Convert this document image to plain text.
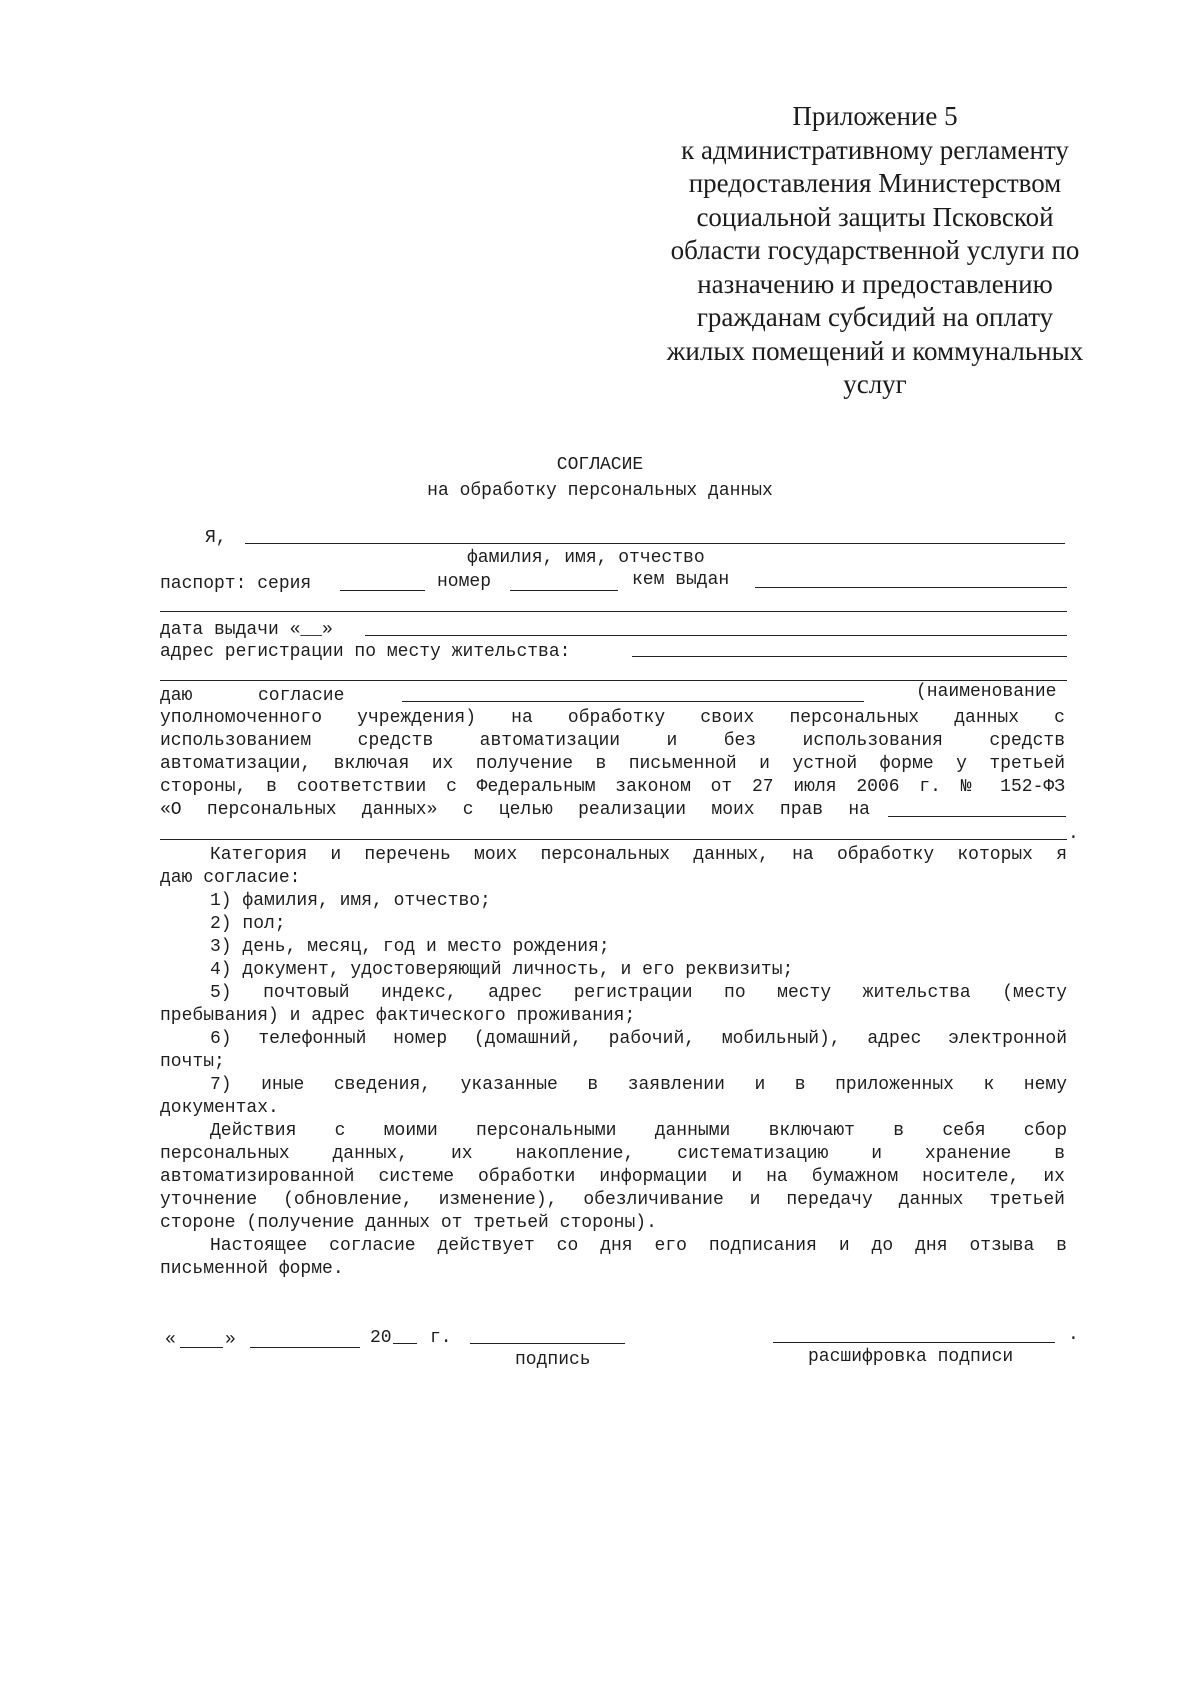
Приложение 5
к административному регламенту
предоставления Министерством
социальной защиты Псковской
области государственной услуги по
назначению и предоставлению
гражданам субсидий на оплату
жилых помещений и коммунальных
услуг
СОГЛАСИЕ
на обработку персональных данных
Я,
фамилия, имя, отчество
паспорт: серия	номер	кем выдан
дата выдачи «__»
адрес регистрации по месту жительства:
даю	согласие	(наименование
уполномоченного учреждения) на обработку своих персональных данных с
использованием средств автоматизации и без использования средств
автоматизации, включая их получение в письменной и устной форме у третьей
стороны, в соответствии с Федеральным законом от 27 июля 2006 г. № 152-ФЗ
«О персональных данных» с целью реализации моих прав на
.
Категория и перечень моих персональных данных, на обработку которых я
даю согласие:
1) фамилия, имя, отчество;
2) пол;
3) день, месяц, год и место рождения;
4) документ, удостоверяющий личность, и его реквизиты;
5) почтовый индекс, адрес регистрации по месту жительства (месту
пребывания) и адрес фактического проживания;
6) телефонный номер (домашний, рабочий, мобильный), адрес электронной
почты;
7) иные сведения, указанные в заявлении и в приложенных к нему
документах.
Действия с моими персональными данными включают в себя сбор
персональных данных, их накопление, систематизацию и хранение в
автоматизированной системе обработки информации и на бумажном носителе, их
уточнение (обновление, изменение), обезличивание и передачу данных третьей
стороне (получение данных от третьей стороны).
Настоящее согласие действует со дня его подписания и до дня отзыва в
письменной форме.
«	»	20 г.
подпись
.
расшифровка подписи
